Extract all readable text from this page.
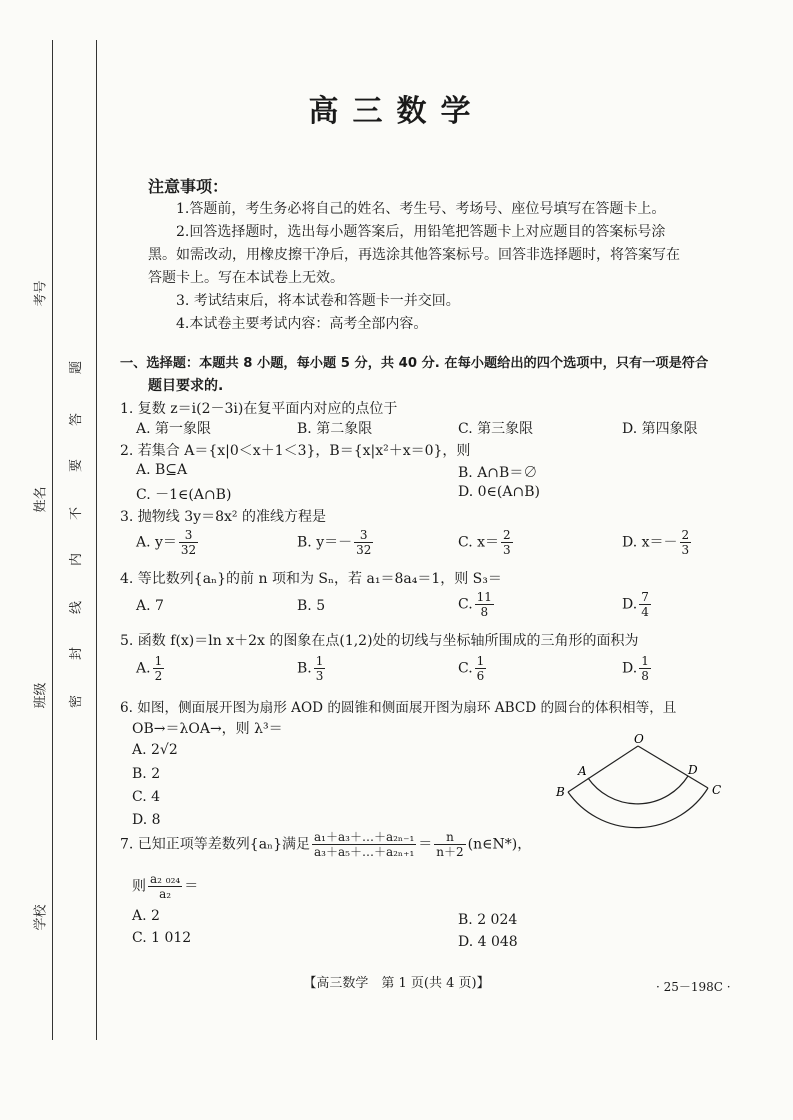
考号
姓名
班级
学校
题
答
要
不
内
线
封
密
高三数学
注意事项：
1.答题前，考生务必将自己的姓名、考生号、考场号、座位号填写在答题卡上。
2.回答选择题时，选出每小题答案后，用铅笔把答题卡上对应题目的答案标号涂
黑。如需改动，用橡皮擦干净后，再选涂其他答案标号。回答非选择题时，将答案写在
答题卡上。写在本试卷上无效。
3. 考试结束后，将本试卷和答题卡一并交回。
4.本试卷主要考试内容：高考全部内容。
一、选择题：本题共 8 小题，每小题 5 分，共 40 分. 在每小题给出的四个选项中，只有一项是符合
题目要求的.
1. 复数 z＝i(2－3i)在复平面内对应的点位于
A. 第一象限	B. 第二象限	C. 第三象限	D. 第四象限
2. 若集合 A＝{x|0＜x＋1＜3}，B＝{x|x²＋x＝0}，则
A. B⊆A	B. A∩B＝∅
C. －1∈(A∩B)	D. 0∈(A∩B)
3. 抛物线 3y＝8x² 的准线方程是
A. $y= \frac{3}{32}$	B. $y=- \frac{3}{32}$	C. $x= \frac{2}{3}$	D. $x=- \frac{2}{3}$
4. 等比数列{aₙ}的前 n 项和为 Sₙ，若 a₁＝8a₄＝1，则 S₃＝
A. 7	B. 5	C. $\frac{11}{8}$	D. $\frac{7}{4}$
5. 函数 f(x)＝ln x＋2x 的图象在点(1,2)处的切线与坐标轴所围成的三角形的面积为
A. $\frac{1}{2}$	B. $\frac{1}{3}$	C. $\frac{1}{6}$	D. $\frac{1}{8}$
6. 如图，侧面展开图为扇形 AOD 的圆锥和侧面展开图为扇环 ABCD 的圆台的体积相等，且
OB→＝λOA→，则 λ³＝
A. 2√2
B. 2
C. 4
D. 8
O
A
B
D
C
7. 已知正项等差数列{aₙ}满足 $\frac{\text{a₁＋a₃＋…＋a₂ₙ₋₁}}{\text{a₃＋a₅＋…＋a₂ₙ₊₁}} = \frac{n}{n+2}$ (n∈N*)，
则 $\frac{\text{a₂ ₀₂₄}}{\text{a₂}}$ ＝
A. 2	B. 2 024
C. 1 012	D. 4 048
【高三数学　第 1 页(共 4 页)】	· 25－198C ·
